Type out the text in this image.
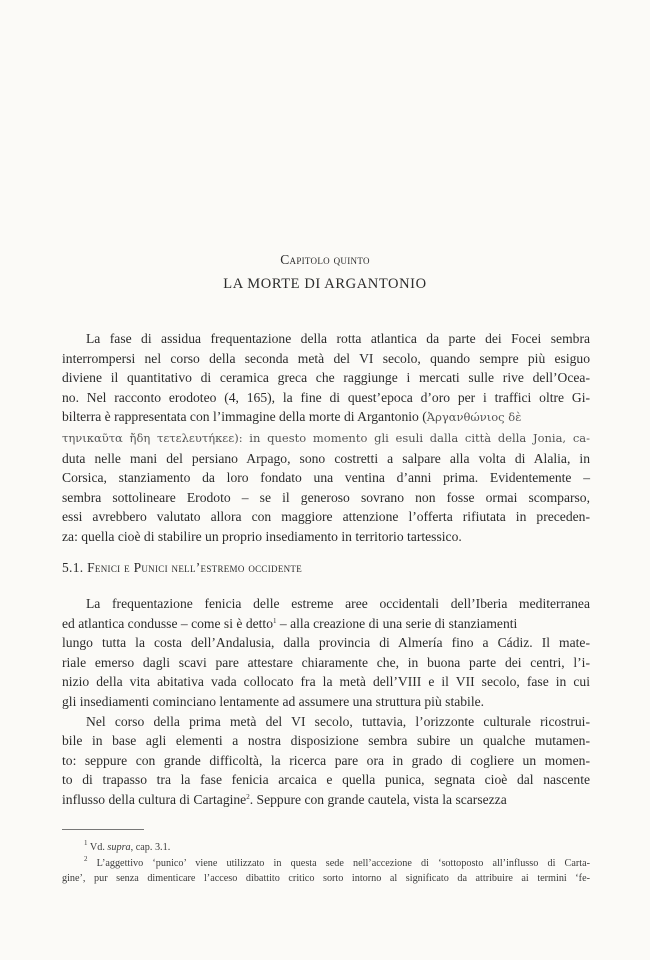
Capitolo quinto
LA MORTE DI ARGANTONIO
La fase di assidua frequentazione della rotta atlantica da parte dei Focei sembra
interrompersi nel corso della seconda metà del VI secolo, quando sempre più esiguo
diviene il quantitativo di ceramica greca che raggiunge i mercati sulle rive dell’Ocea-
no. Nel racconto erodoteo (4, 165), la fine di quest’epoca d’oro per i traffici oltre Gi-
bilterra è rappresentata con l’immagine della morte di Argantonio (Ἀργανθώνιος δὲ
τηνικαῦτα ἤδη τετελευτήκεε): in questo momento gli esuli dalla città della Jonia, ca-
duta nelle mani del persiano Arpago, sono costretti a salpare alla volta di Alalia, in
Corsica, stanziamento da loro fondato una ventina d’anni prima. Evidentemente –
sembra sottolineare Erodoto – se il generoso sovrano non fosse ormai scomparso,
essi avrebbero valutato allora con maggiore attenzione l’offerta rifiutata in preceden-
za: quella cioè di stabilire un proprio insediamento in territorio tartessico.
5.1. Fenici e Punici nell’estremo occidente
La frequentazione fenicia delle estreme aree occidentali dell’Iberia mediterranea
ed atlantica condusse – come si è detto$^1$ – alla creazione di una serie di stanziamenti
lungo tutta la costa dell’Andalusia, dalla provincia di Almería fino a Cádiz. Il mate-
riale emerso dagli scavi pare attestare chiaramente che, in buona parte dei centri, l’i-
nizio della vita abitativa vada collocato fra la metà dell’VIII e il VII secolo, fase in cui
gli insediamenti cominciano lentamente ad assumere una struttura più stabile.
Nel corso della prima metà del VI secolo, tuttavia, l’orizzonte culturale ricostrui-
bile in base agli elementi a nostra disposizione sembra subire un qualche mutamen-
to: seppure con grande difficoltà, la ricerca pare ora in grado di cogliere un momen-
to di trapasso tra la fase fenicia arcaica e quella punica, segnata cioè dal nascente
influsso della cultura di Cartagine$^2$. Seppure con grande cautela, vista la scarsezza
$^1$ Vd. supra, cap. 3.1.
$^2$ L’aggettivo ‘punico’ viene utilizzato in questa sede nell’accezione di ‘sottoposto all’influsso di Carta-
gine’, pur senza dimenticare l’acceso dibattito critico sorto intorno al significato da attribuire ai termini ‘fe-
